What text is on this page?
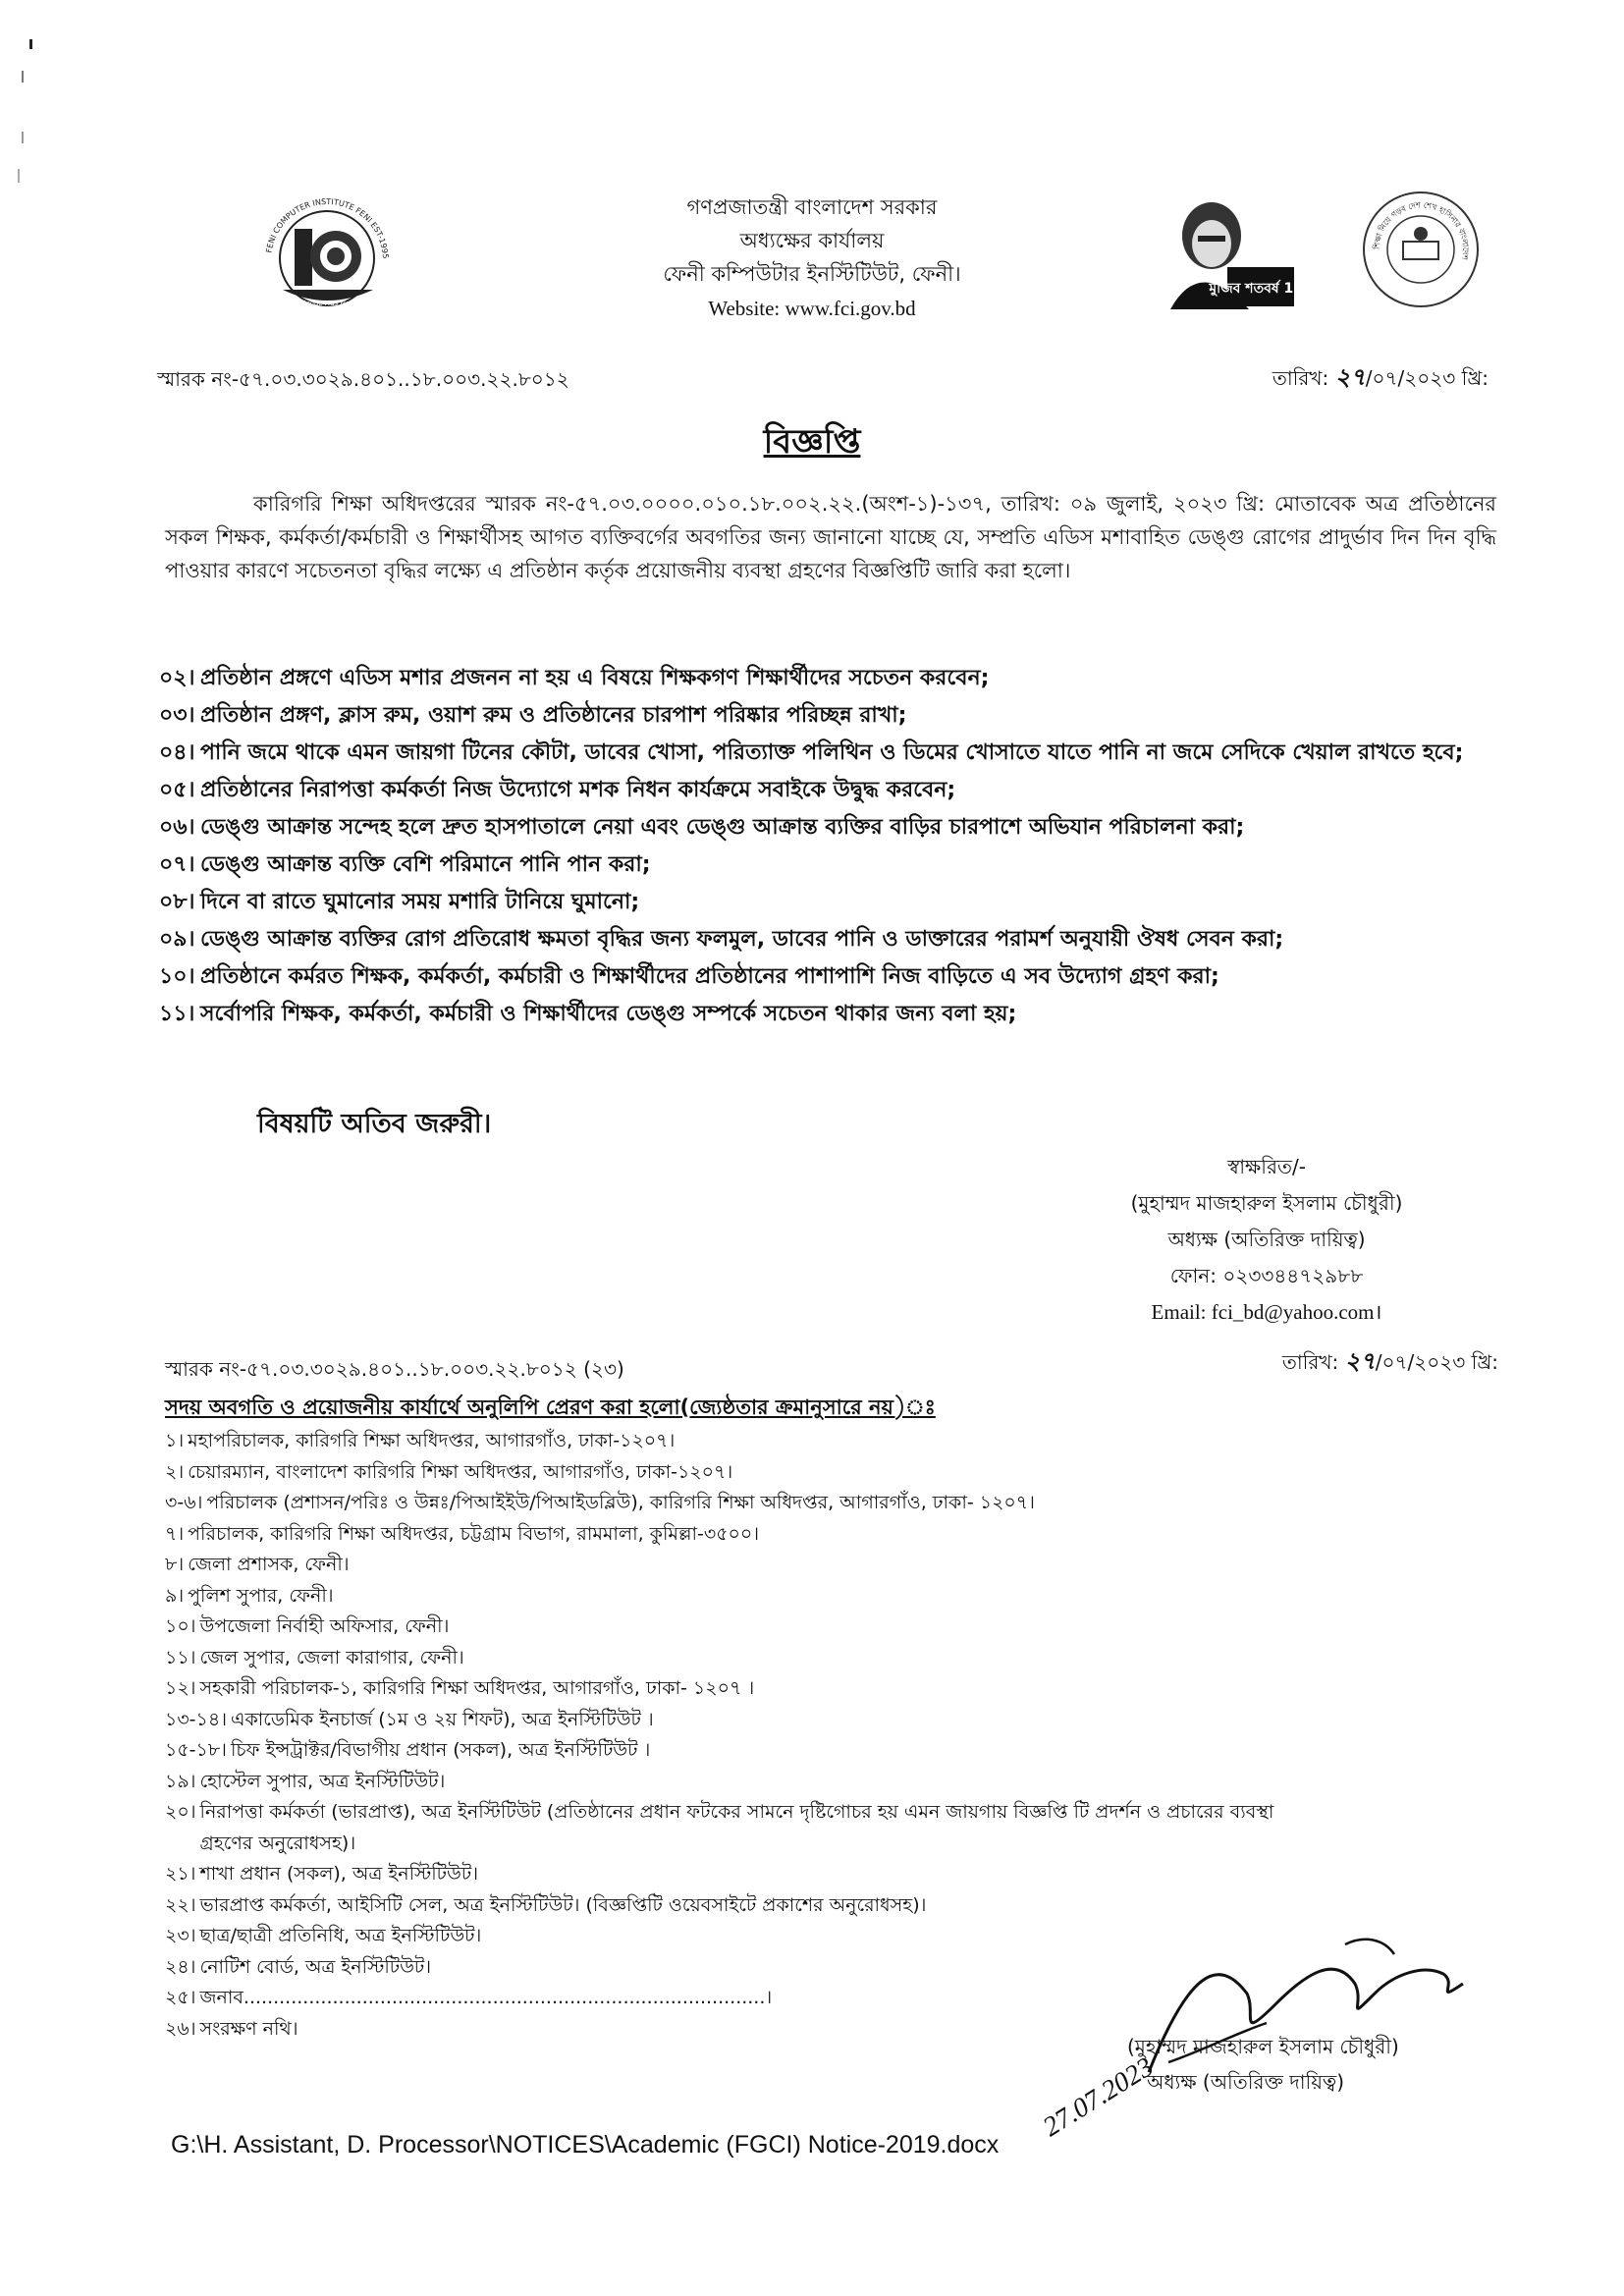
FENI COMPUTER INSTITUTE FENI EST-1995
Knowledge Has No Limit
গণপ্রজাতন্ত্রী বাংলাদেশ সরকার
অধ্যক্ষের কার্যালয়
ফেনী কম্পিউটার ইনস্টিটিউট, ফেনী।
Website: www.fci.gov.bd
মুজিব শতবর্ষ 100
শিক্ষা নিয়ে গড়ব দেশ শেখ হাসিনার বাংলাদেশ
স্মারক নং-৫৭.০৩.৩০২৯.৪০১..১৮.০০৩.২২.৮০১২	তারিখ: ২৭/০৭/২০২৩ খ্রি:
বিজ্ঞপ্তি
কারিগরি শিক্ষা অধিদপ্তরের স্মারক নং-৫৭.০৩.০০০০.০১০.১৮.০০২.২২.(অংশ-১)-১৩৭, তারিখ: ০৯ জুলাই, ২০২৩ খ্রি: মোতাবেক অত্র প্রতিষ্ঠানের সকল শিক্ষক, কর্মকর্তা/কর্মচারী ও শিক্ষার্থীসহ আগত ব্যক্তিবর্গের অবগতির জন্য জানানো যাচ্ছে যে, সম্প্রতি এডিস মশাবাহিত ডেঙ্গু রোগের প্রাদুর্ভাব দিন দিন বৃদ্ধি পাওয়ার কারণে সচেতনতা বৃদ্ধির লক্ষ্যে এ প্রতিষ্ঠান কর্তৃক প্রয়োজনীয় ব্যবস্থা গ্রহণের বিজ্ঞপ্তিটি জারি করা হলো।
০২। প্রতিষ্ঠান প্রঙ্গণে এডিস মশার প্রজনন না হয় এ বিষয়ে শিক্ষকগণ শিক্ষার্থীদের সচেতন করবেন;
০৩। প্রতিষ্ঠান প্রঙ্গণ, ক্লাস রুম, ওয়াশ রুম ও প্রতিষ্ঠানের চারপাশ পরিষ্কার পরিচ্ছন্ন রাখা;
০৪। পানি জমে থাকে এমন জায়গা টিনের কৌটা, ডাবের খোসা, পরিত্যাক্ত পলিথিন ও ডিমের খোসাতে যাতে পানি না জমে সেদিকে খেয়াল রাখতে হবে;
০৫। প্রতিষ্ঠানের নিরাপত্তা কর্মকর্তা নিজ উদ্যোগে মশক নিধন কার্যক্রমে সবাইকে উদ্বুদ্ধ করবেন;
০৬। ডেঙ্গু আক্রান্ত সন্দেহ হলে দ্রুত হাসপাতালে নেয়া এবং ডেঙ্গু আক্রান্ত ব্যক্তির বাড়ির চারপাশে অভিযান পরিচালনা করা;
০৭। ডেঙ্গু আক্রান্ত ব্যক্তি বেশি পরিমানে পানি পান করা;
০৮। দিনে বা রাতে ঘুমানোর সময় মশারি টানিয়ে ঘুমানো;
০৯। ডেঙ্গু আক্রান্ত ব্যক্তির রোগ প্রতিরোধ ক্ষমতা বৃদ্ধির জন্য ফলমুল, ডাবের পানি ও ডাক্তারের পরামর্শ অনুযায়ী ঔষধ সেবন করা;
১০। প্রতিষ্ঠানে কর্মরত শিক্ষক, কর্মকর্তা, কর্মচারী ও শিক্ষার্থীদের প্রতিষ্ঠানের পাশাপাশি নিজ বাড়িতে এ সব উদ্যোগ গ্রহণ করা;
১১। সর্বোপরি শিক্ষক, কর্মকর্তা, কর্মচারী ও শিক্ষার্থীদের ডেঙ্গু সম্পর্কে সচেতন থাকার জন্য বলা হয়;
বিষয়টি অতিব জরুরী।
স্বাক্ষরিত/-
(মুহাম্মদ মাজহারুল ইসলাম চৌধুরী)
অধ্যক্ষ (অতিরিক্ত দায়িত্ব)
ফোন: ০২৩৩৪৪৭২৯৮৮
Email: fci_bd@yahoo.com।
স্মারক নং-৫৭.০৩.৩০২৯.৪০১..১৮.০০৩.২২.৮০১২ (২৩)	তারিখ: ২৭/০৭/২০২৩ খ্রি:
সদয় অবগতি ও প্রয়োজনীয় কার্যার্থে অনুলিপি প্রেরণ করা হলো(জ্যেষ্ঠতার ক্রমানুসারে নয়)ঃ
১। মহাপরিচালক, কারিগরি শিক্ষা অধিদপ্তর, আগারগাঁও, ঢাকা-১২০৭।
২। চেয়ারম্যান, বাংলাদেশ কারিগরি শিক্ষা অধিদপ্তর, আগারগাঁও, ঢাকা-১২০৭।
৩-৬। পরিচালক (প্রশাসন/পরিঃ ও উন্নঃ/পিআইইউ/পিআইডব্লিউ), কারিগরি শিক্ষা অধিদপ্তর, আগারগাঁও, ঢাকা- ১২০৭।
৭। পরিচালক, কারিগরি শিক্ষা অধিদপ্তর, চট্টগ্রাম বিভাগ, রামমালা, কুমিল্লা-৩৫০০।
৮। জেলা প্রশাসক, ফেনী।
৯। পুলিশ সুপার, ফেনী।
১০। উপজেলা নির্বাহী অফিসার, ফেনী।
১১। জেল সুপার, জেলা কারাগার, ফেনী।
১২। সহকারী পরিচালক-১, কারিগরি শিক্ষা অধিদপ্তর, আগারগাঁও, ঢাকা- ১২০৭ ।
১৩-১৪। একাডেমিক ইনচার্জ (১ম ও ২য় শিফট), অত্র ইনস্টিটিউট ।
১৫-১৮। চিফ ইন্সট্রাক্টর/বিভাগীয় প্রধান (সকল), অত্র ইনস্টিটিউট ।
১৯। হোস্টেল সুপার, অত্র ইনস্টিটিউট।
২০। নিরাপত্তা কর্মকর্তা (ভারপ্রাপ্ত), অত্র ইনস্টিটিউট (প্রতিষ্ঠানের প্রধান ফটকের সামনে দৃষ্টিগোচর হয় এমন জায়গায় বিজ্ঞপ্তি টি প্রদর্শন ও প্রচারের ব্যবস্থা গ্রহণের অনুরোধসহ)।
২১। শাখা প্রধান (সকল), অত্র ইনস্টিটিউট।
২২। ভারপ্রাপ্ত কর্মকর্তা, আইসিটি সেল, অত্র ইনস্টিটিউট। (বিজ্ঞপ্তিটি ওয়েবসাইটে প্রকাশের অনুরোধসহ)।
২৩। ছাত্র/ছাত্রী প্রতিনিধি, অত্র ইনস্টিটিউট।
২৪। নোটিশ বোর্ড, অত্র ইনস্টিটিউট।
২৫। জনাব........................................................................................।
২৬। সংরক্ষণ নথি।
27.07.2023
(মুহাম্মদ মাজহারুল ইসলাম চৌধুরী)
অধ্যক্ষ (অতিরিক্ত দায়িত্ব)
G:\H. Assistant, D. Processor\NOTICES\Academic (FGCI) Notice-2019.docx
